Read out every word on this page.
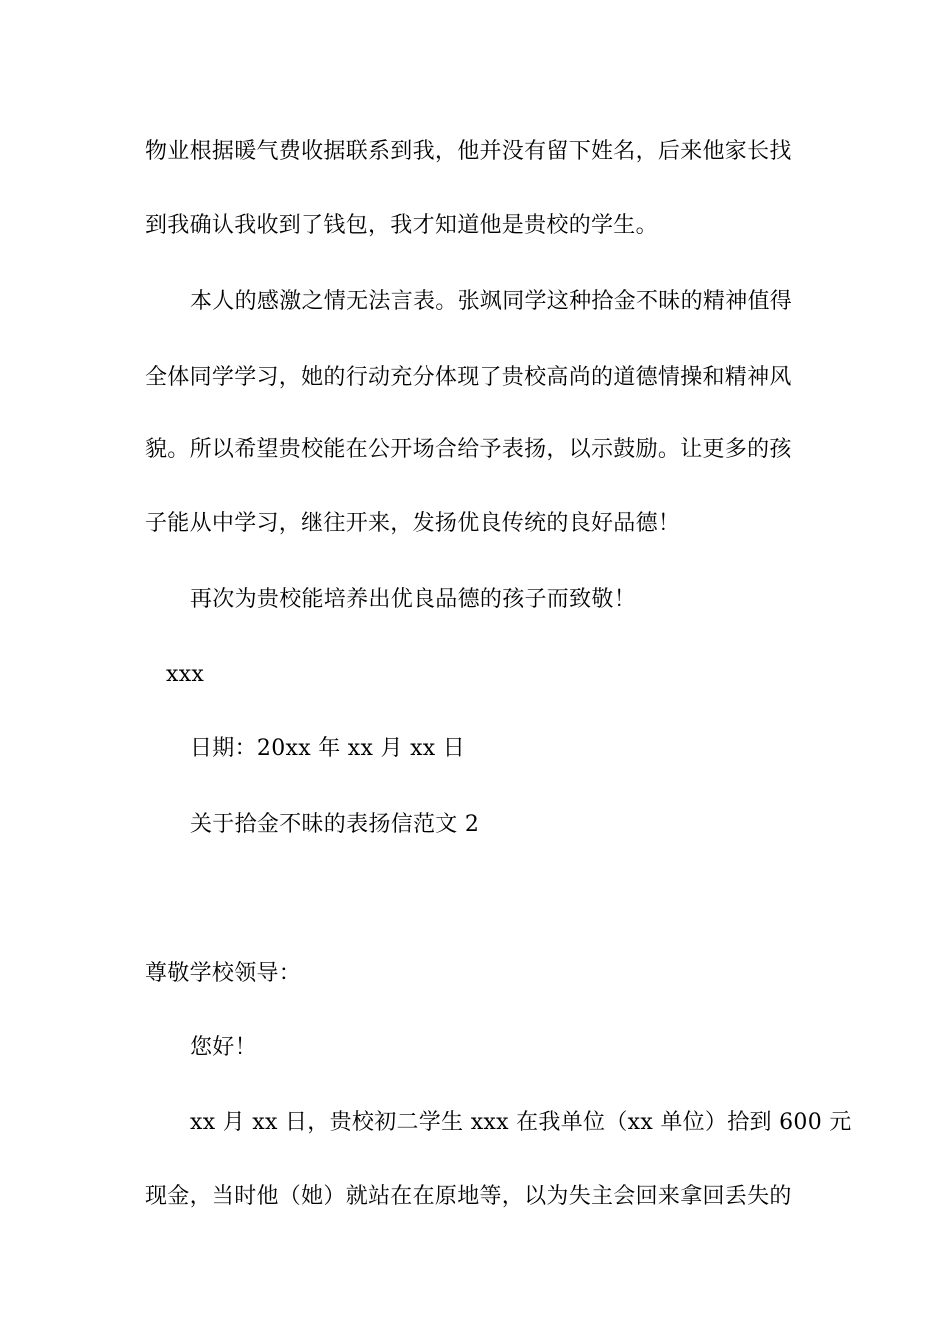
物业根据暖气费收据联系到我，他并没有留下姓名，后来他家长找
到我确认我收到了钱包，我才知道他是贵校的学生。
本人的感激之情无法言表。张飒同学这种拾金不昧的精神值得
全体同学学习，她的行动充分体现了贵校高尚的道德情操和精神风
貌。所以希望贵校能在公开场合给予表扬，以示鼓励。让更多的孩
子能从中学习，继往开来，发扬优良传统的良好品德！
再次为贵校能培养出优良品德的孩子而致敬！
xxx
日期：20xx 年 xx 月 xx 日
关于拾金不昧的表扬信范文 2
尊敬学校领导：
您好！
xx 月 xx 日，贵校初二学生 xxx 在我单位（xx 单位）拾到 600 元
现金，当时他（她）就站在在原地等，以为失主会回来拿回丢失的
